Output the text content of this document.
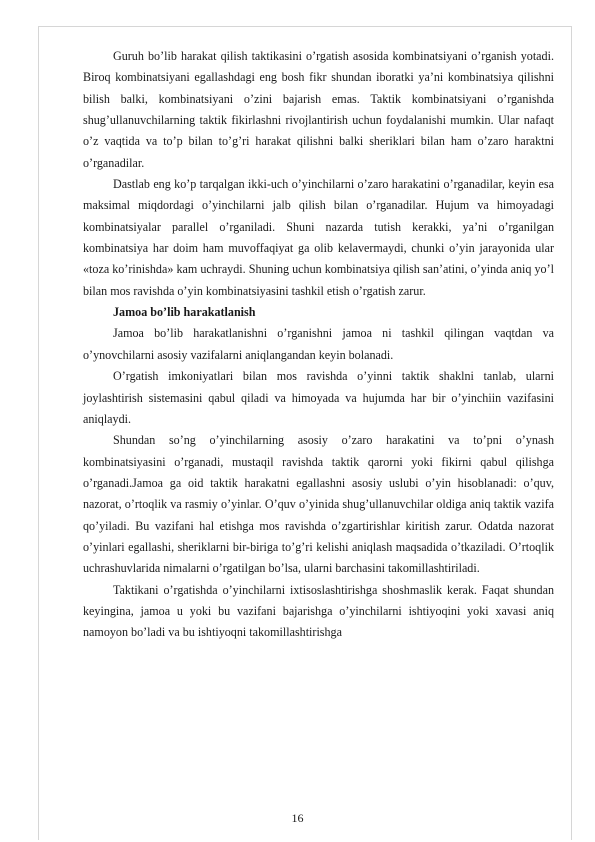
Guruh bo’lib harakat qilish taktikasini o’rgatish asosida kombinatsiyani o’rganish yotadi. Biroq kombinatsiyani egallashdagi eng bosh fikr shundan iboratki ya’ni kombinatsiya qilishni bilish balki, kombinatsiyani o’zini bajarish emas. Taktik kombinatsiyani o’rganishda shug’ullanuvchilarning taktik fikirlashni rivojlantirish uchun foydalanishi mumkin. Ular nafaqt o’z vaqtida va to’p bilan to’g’ri harakat qilishni balki sheriklari bilan ham o’zaro haraktni o’rganadilar.

Dastlab eng ko’p tarqalgan ikki-uch o’yinchilarni o’zaro harakatini o’rganadilar, keyin esa maksimal miqdordagi o’yinchilarni jalb qilish bilan o’rganadilar. Hujum va himoyadagi kombinatsiyalar parallel o’rganiladi. Shuni nazarda tutish kerakki, ya’ni o’rganilgan kombinatsiya har doim ham muvoffaqiyat ga olib kelavermaydi, chunki o’yin jarayonida ular «toza ko’rinishda» kam uchraydi. Shuning uchun kombinatsiya qilish san’atini, o’yinda aniq yo’l bilan mos ravishda o’yin kombinatsiyasini tashkil etish o’rgatish zarur.

Jamoa bo’lib harakatlanish

Jamoa bo’lib harakatlanishni o’rganishni jamoa ni tashkil qilingan vaqtdan va o’ynovchilarni asosiy vazifalarni aniqlangandan keyin bolanadi.

O’rgatish imkoniyatlari bilan mos ravishda o’yinni taktik shaklni tanlab, ularni joylashtirish sistemasini qabul qiladi va himoyada va hujumda har bir o’yinchiin vazifasini aniqlaydi.

Shundan so’ng o’yinchilarning asosiy o’zaro harakatini va to’pni o’ynash kombinatsiyasini o’rganadi, mustaqil ravishda taktik qarorni yoki fikirni qabul qilishga o’rganadi.Jamoa ga oid taktik harakatni egallashni asosiy uslubi o’yin hisoblanadi: o’quv, nazorat, o’rtoqlik va rasmiy o’yinlar. O’quv o’yinida shug’ullanuvchilar oldiga aniq taktik vazifa qo’yiladi. Bu vazifani hal etishga mos ravishda o’zgartirishlar kiritish zarur. Odatda nazorat o’yinlari egallashi, sheriklarni bir-biriga to’g’ri kelishi aniqlash maqsadida o’tkaziladi. O’rtoqlik uchrashuvlarida nimalarni o’rgatilgan bo’lsa, ularni barchasini takomillashtiriladi.

Taktikani o’rgatishda o’yinchilarni ixtisoslashtirishga shoshmaslik kerak. Faqat shundan keyingina, jamoa u yoki bu vazifani bajarishga o’yinchilarni ishtiyoqini yoki xavasi aniq namoyon bo’ladi va bu ishtiyoqni takomillashtirishga

16
